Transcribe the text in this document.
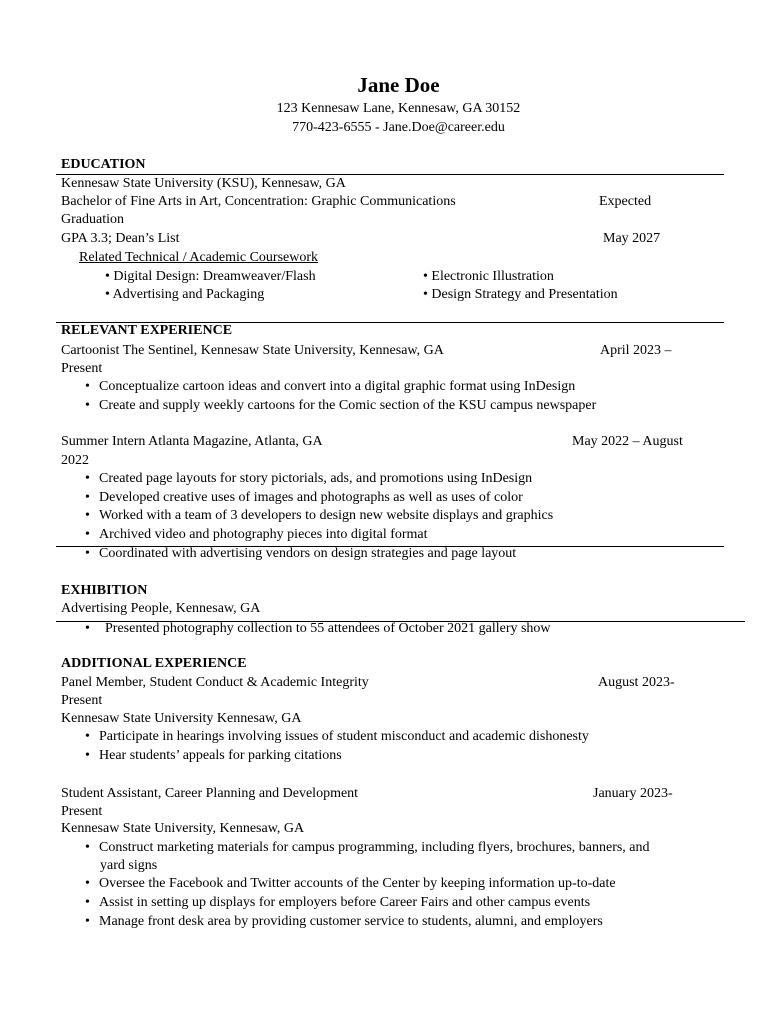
Jane Doe
123 Kennesaw Lane, Kennesaw, GA 30152
770-423-6555 - Jane.Doe@career.edu
EDUCATION
Kennesaw State University (KSU), Kennesaw, GA
Bachelor of Fine Arts in Art, Concentration: Graphic Communications	Expected
Graduation
GPA 3.3; Dean’s List	May 2027
Related Technical / Academic Coursework
• Digital Design: Dreamweaver/Flash	• Electronic Illustration
• Advertising and Packaging	• Design Strategy and Presentation
RELEVANT EXPERIENCE
Cartoonist The Sentinel, Kennesaw State University, Kennesaw, GA	April 2023 –
Present
• Conceptualize cartoon ideas and convert into a digital graphic format using InDesign
• Create and supply weekly cartoons for the Comic section of the KSU campus newspaper
Summer Intern Atlanta Magazine, Atlanta, GA	May 2022 – August
2022
• Created page layouts for story pictorials, ads, and promotions using InDesign
• Developed creative uses of images and photographs as well as uses of color
• Worked with a team of 3 developers to design new website displays and graphics
• Archived video and photography pieces into digital format
• Coordinated with advertising vendors on design strategies and page layout
EXHIBITION
Advertising People, Kennesaw, GA
• Presented photography collection to 55 attendees of October 2021 gallery show
ADDITIONAL EXPERIENCE
Panel Member, Student Conduct & Academic Integrity	August 2023-
Present
Kennesaw State University Kennesaw, GA
• Participate in hearings involving issues of student misconduct and academic dishonesty
• Hear students’ appeals for parking citations
Student Assistant, Career Planning and Development	January 2023-
Present
Kennesaw State University, Kennesaw, GA
• Construct marketing materials for campus programming, including flyers, brochures, banners, and
yard signs
• Oversee the Facebook and Twitter accounts of the Center by keeping information up-to-date
• Assist in setting up displays for employers before Career Fairs and other campus events
• Manage front desk area by providing customer service to students, alumni, and employers
